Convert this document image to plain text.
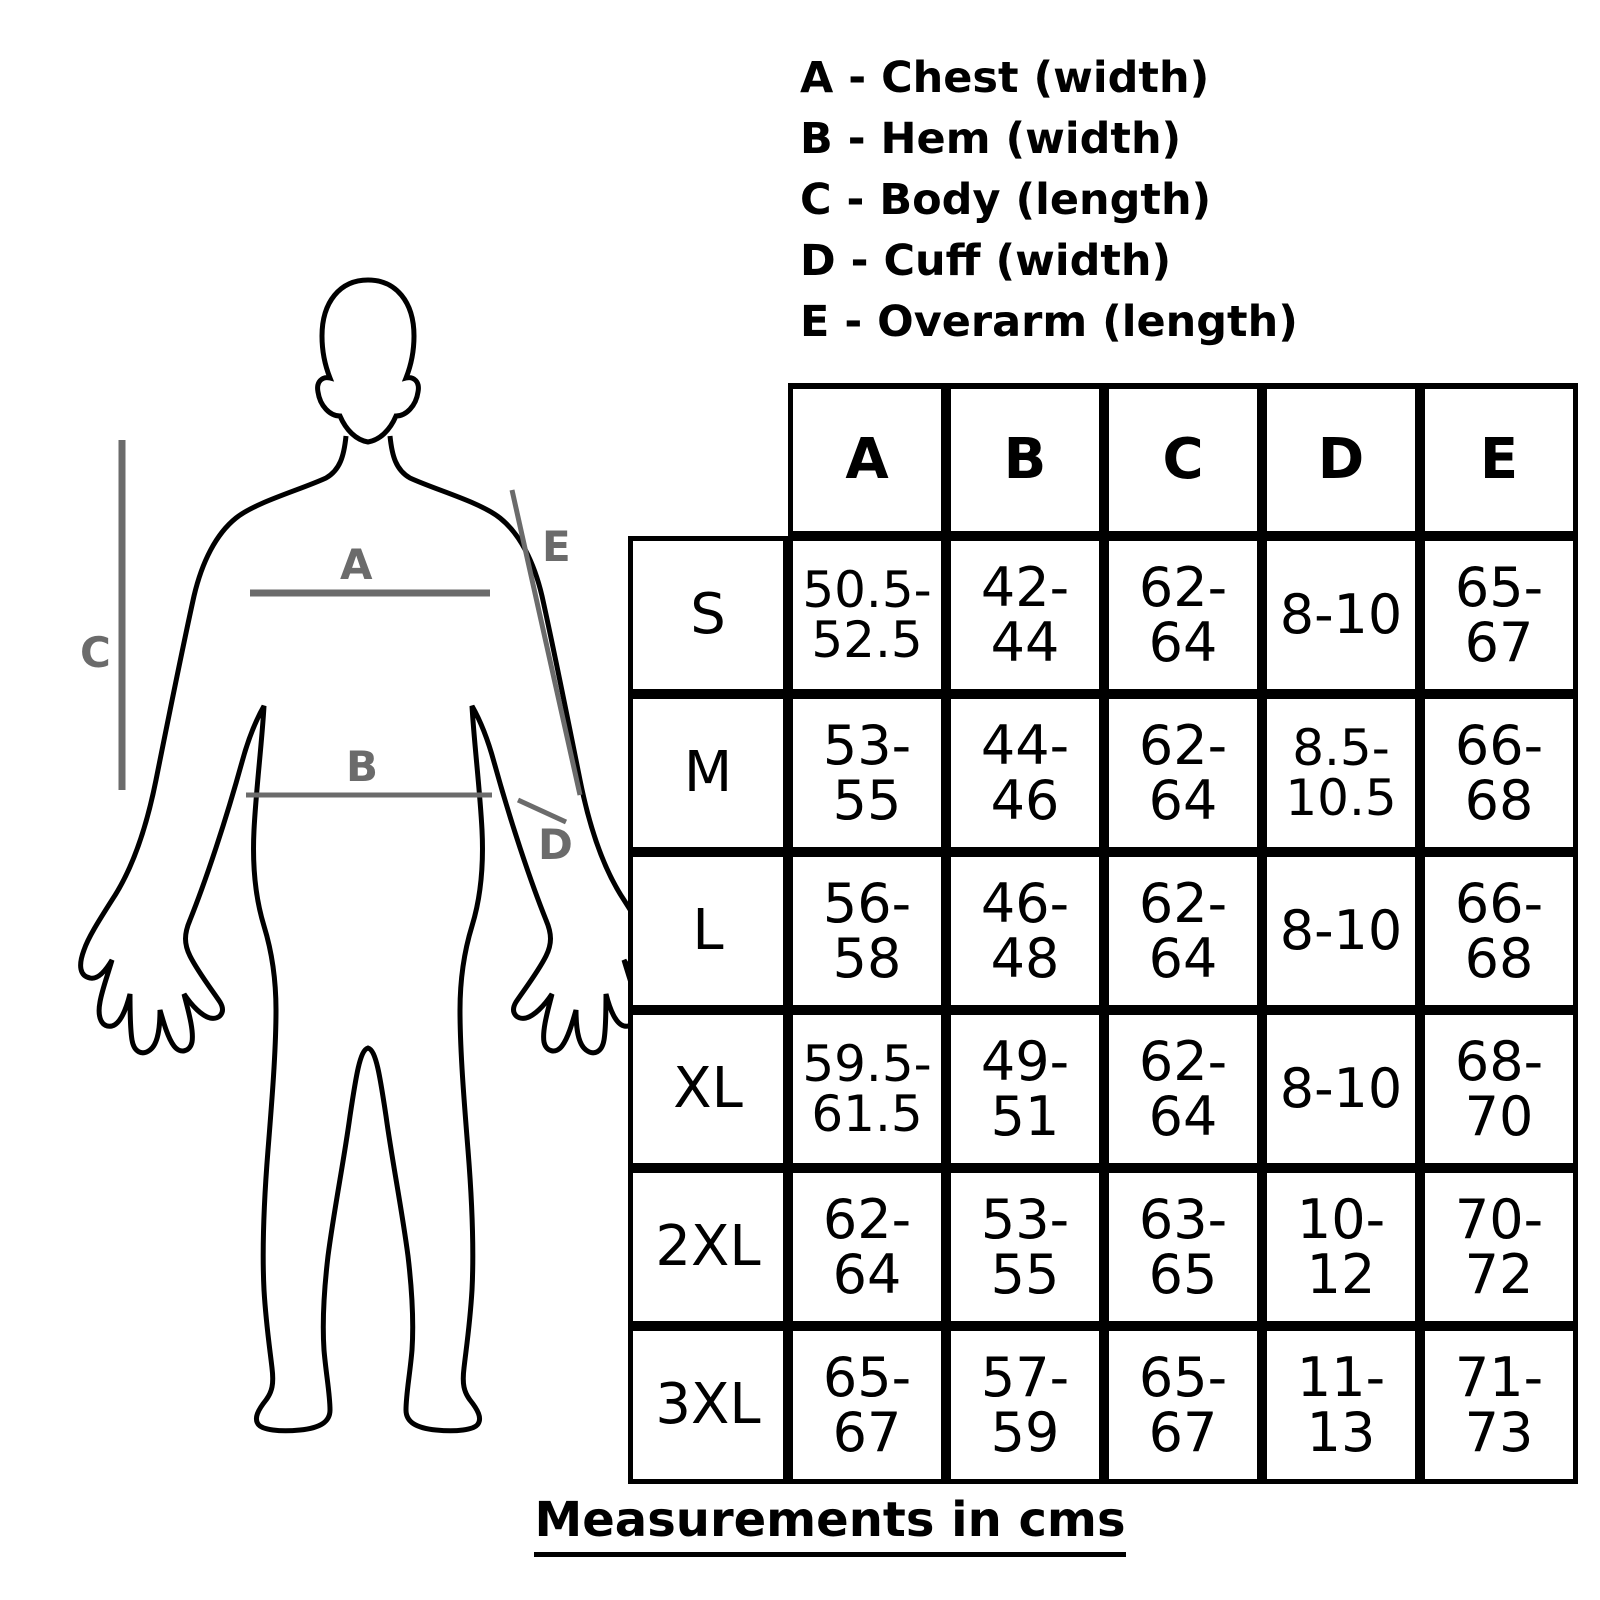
A - Chest (width)
B - Hem (width)
C - Body (length)
D - Cuff (width)
E - Overarm (length)
C
A
B
E
D
	A	B	C	D	E
S	50.5-52.5	42-44	62-64	8-10	65-67
M	53-55	44-46	62-64	8.5-10.5	66-68
L	56-58	46-48	62-64	8-10	66-68
XL	59.5-61.5	49-51	62-64	8-10	68-70
2XL	62-64	53-55	63-65	10-12	70-72
3XL	65-67	57-59	65-67	11-13	71-73
Measurements in cms
